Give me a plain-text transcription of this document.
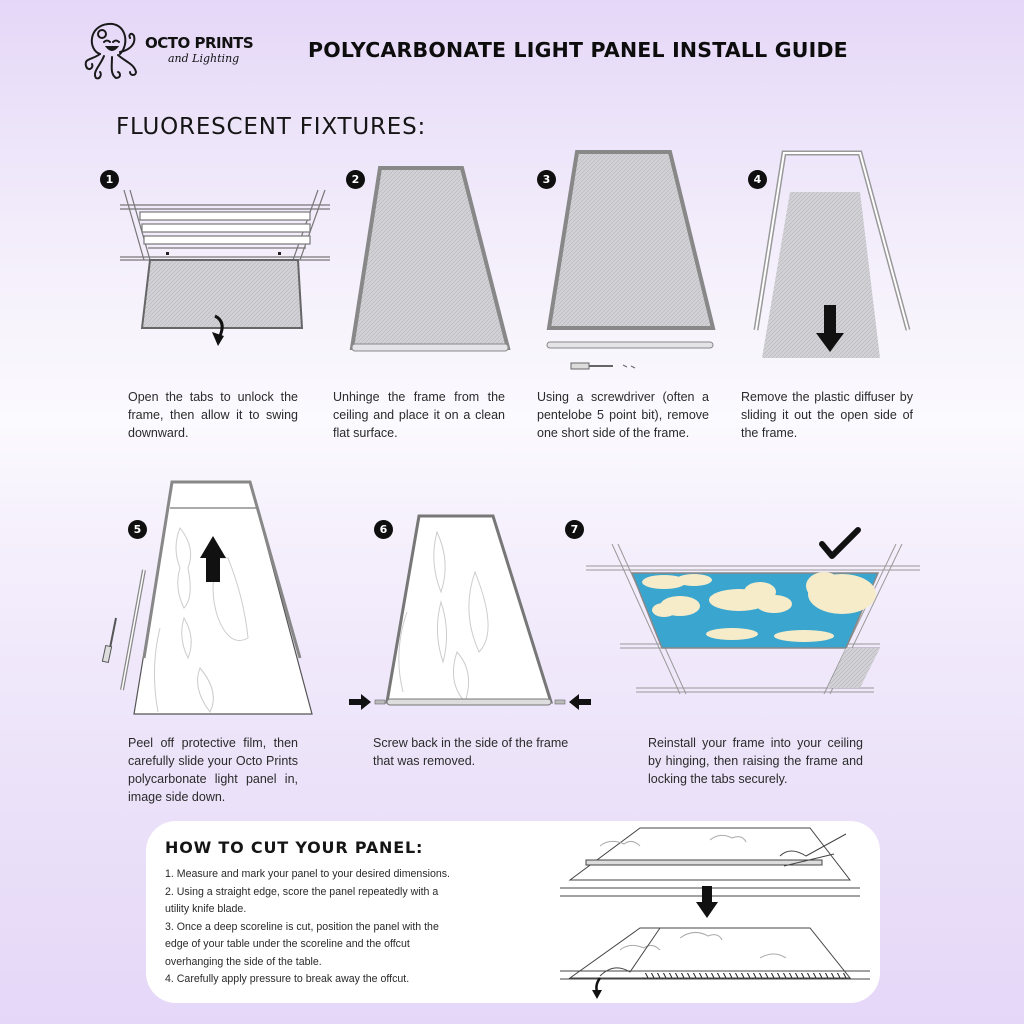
OCTO PRINTS
and Lighting	POLYCARBONATE LIGHT PANEL INSTALL GUIDE
FLUORESCENT FIXTURES:
1

Open the tabs to unlock the frame, then allow it to swing downward.

2

Unhinge the frame from the ceiling and place it on a clean flat surface.

3

Using a screwdriver (often a pentelobe 5 point bit), remove one short side of the frame.

4

Remove the plastic diffuser by sliding it out the open side of the frame.

5

Peel off protective film, then carefully slide your Octo Prints polycarbonate light panel in, image side down.

6

Screw back in the side of the frame that was removed.

7

Reinstall your frame into your ceiling by hinging, then raising the frame and locking the tabs securely.

HOW TO CUT YOUR PANEL:
1. Measure and mark your panel to your desired dimensions.
2. Using a straight edge, score the panel repeatedly with a utility knife blade.
3. Once a deep scoreline is cut, position the panel with the edge of your table under the scoreline and the offcut overhanging the side of the table.
4. Carefully apply pressure to break away the offcut.
